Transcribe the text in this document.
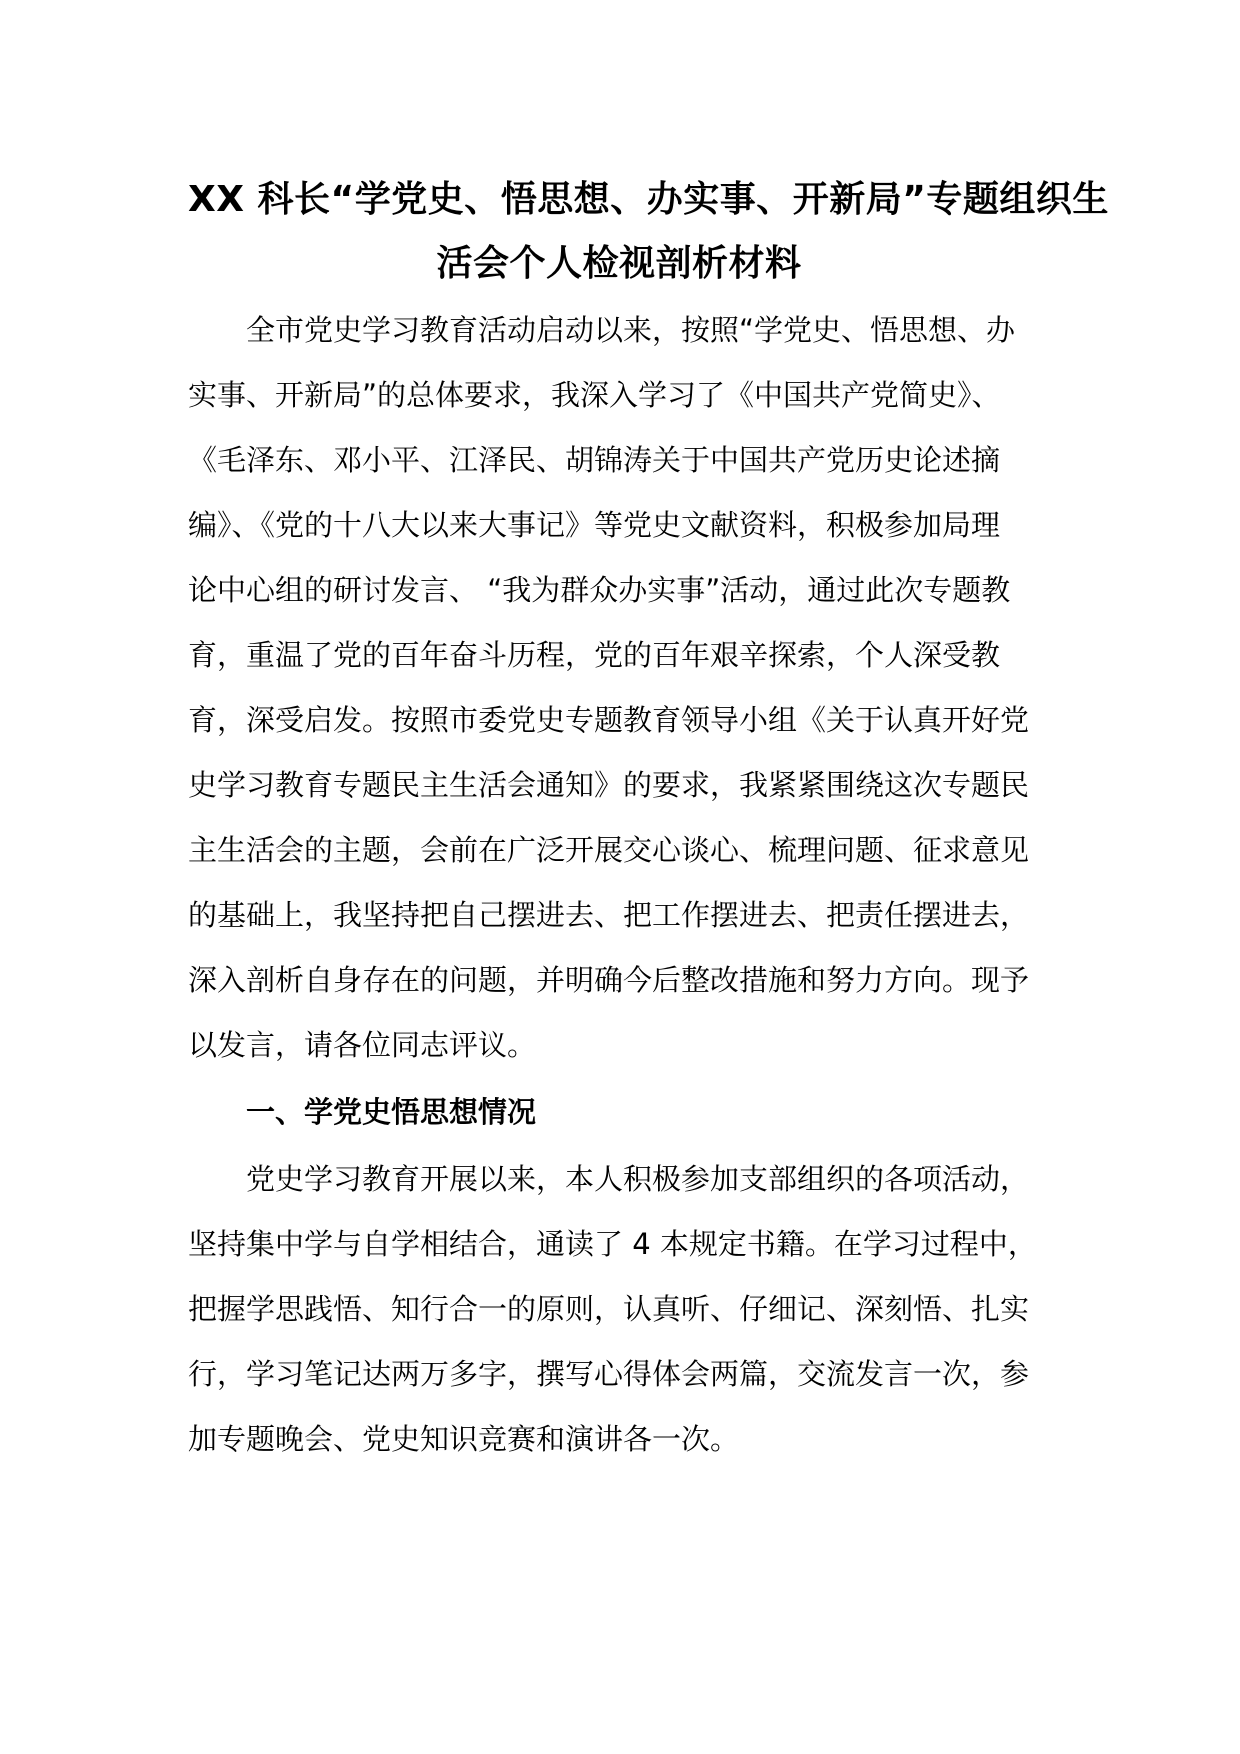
XX 科长“学党史、悟思想、办实事、开新局”专题组织生
活会个人检视剖析材料

全市党史学习教育活动启动以来，按照“学党史、悟思想、办
实事、开新局”的总体要求，我深入学习了《中国共产党简史》、
《毛泽东、邓小平、江泽民、胡锦涛关于中国共产党历史论述摘
编》、《党的十八大以来大事记》等党史文献资料，积极参加局理
论中心组的研讨发言、 “我为群众办实事”活动，通过此次专题教
育，重温了党的百年奋斗历程，党的百年艰辛探索，个人深受教
育，深受启发。按照市委党史专题教育领导小组《关于认真开好党
史学习教育专题民主生活会通知》的要求，我紧紧围绕这次专题民
主生活会的主题，会前在广泛开展交心谈心、梳理问题、征求意见
的基础上，我坚持把自己摆进去、把工作摆进去、把责任摆进去，
深入剖析自身存在的问题，并明确今后整改措施和努力方向。现予
以发言，请各位同志评议。

一、学党史悟思想情况

党史学习教育开展以来，本人积极参加支部组织的各项活动，
坚持集中学与自学相结合，通读了 4 本规定书籍。在学习过程中，
把握学思践悟、知行合一的原则，认真听、仔细记、深刻悟、扎实
行，学习笔记达两万多字，撰写心得体会两篇，交流发言一次，参
加专题晚会、党史知识竞赛和演讲各一次。
